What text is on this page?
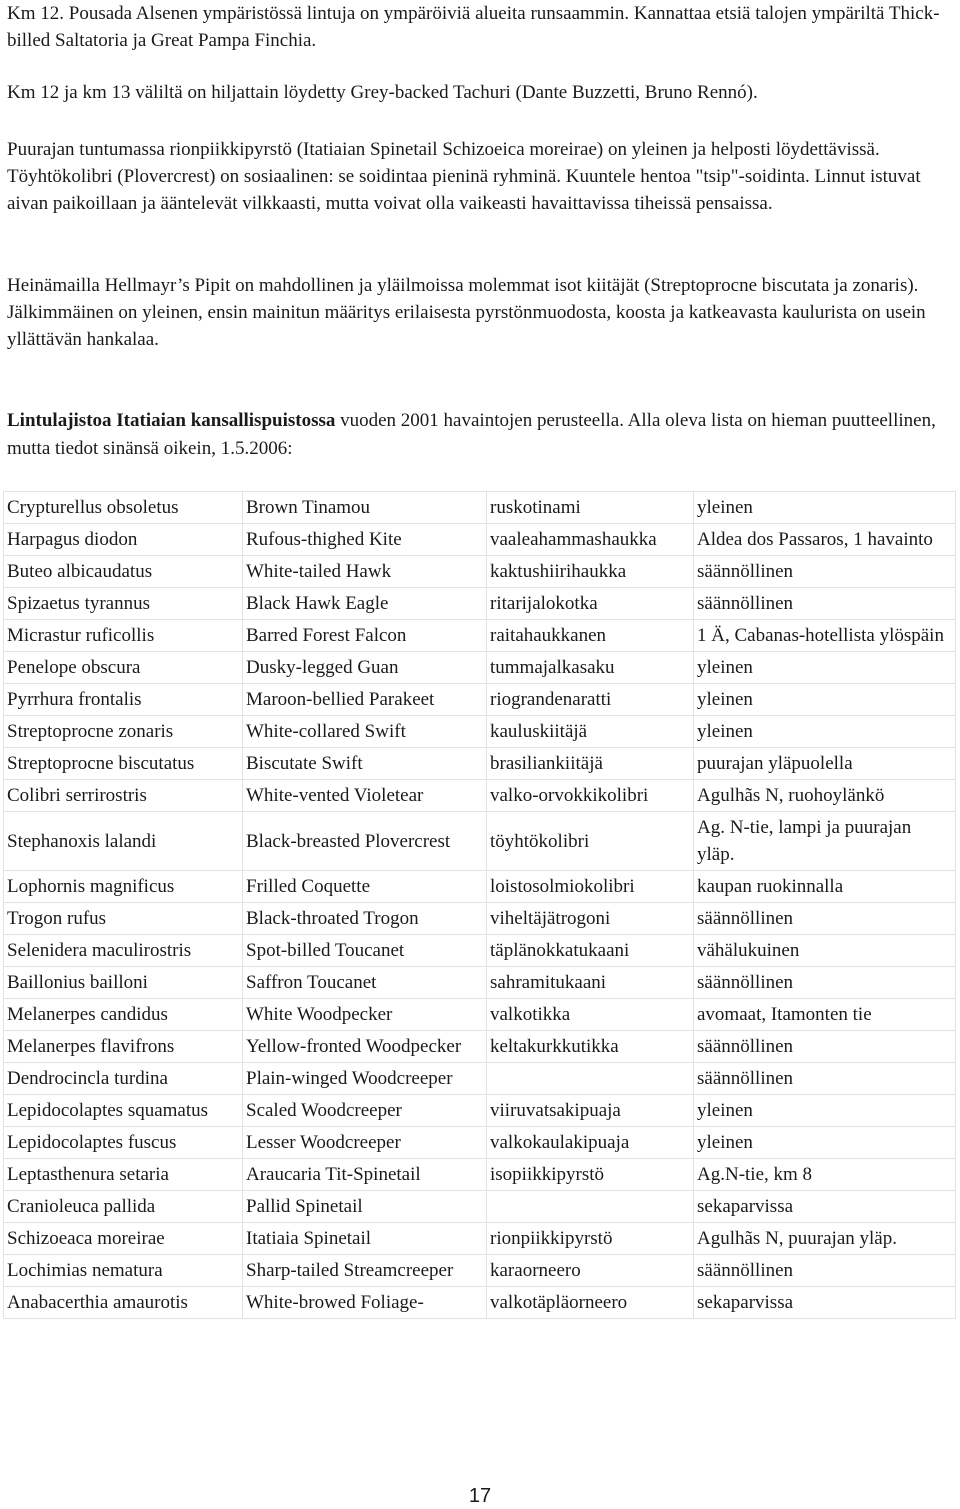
Km 12. Pousada Alsenen ympäristössä lintuja on ympäröiviä alueita runsaammin. Kannattaa etsiä talojen ympäriltä Thick-billed Saltatoria ja Great Pampa Finchia.

Km 12 ja km 13 väliltä on hiljattain löydetty Grey-backed Tachuri (Dante Buzzetti, Bruno Rennó).

Puurajan tuntumassa rionpiikkipyrstö (Itatiaian Spinetail Schizoeica moreirae) on yleinen ja helposti löydettävissä. Töyhtökolibri (Plovercrest) on sosiaalinen: se soidintaa pieninä ryhminä. Kuuntele hentoa "tsip"-soidinta. Linnut istuvat aivan paikoillaan ja ääntelevät vilkkaasti, mutta voivat olla vaikeasti havaittavissa tiheissä pensaissa.

Heinämailla Hellmayr’s Pipit on mahdollinen ja yläilmoissa molemmat isot kiitäjät (Streptoprocne biscutata ja zonaris). Jälkimmäinen on yleinen, ensin mainitun määritys erilaisesta pyrstönmuodosta, koosta ja katkeavasta kaulurista on usein yllättävän hankalaa.

Lintulajistoa Itatiaian kansallispuistossa vuoden 2001 havaintojen perusteella. Alla oleva lista on hieman puutteellinen, mutta tiedot sinänsä oikein, 1.5.2006:

Crypturellus obsoletus	Brown Tinamou	ruskotinami	yleinen
Harpagus diodon	Rufous-thighed Kite	vaaleahammashaukka	Aldea dos Passaros, 1 havainto
Buteo albicaudatus	White-tailed Hawk	kaktushiirihaukka	säännöllinen
Spizaetus tyrannus	Black Hawk Eagle	ritarijalokotka	säännöllinen
Micrastur ruficollis	Barred Forest Falcon	raitahaukkanen	1 Ä, Cabanas-hotellista ylöspäin
Penelope obscura	Dusky-legged Guan	tummajalkasaku	yleinen
Pyrrhura frontalis	Maroon-bellied Parakeet	riograndenaratti	yleinen
Streptoprocne zonaris	White-collared Swift	kauluskiitäjä	yleinen
Streptoprocne biscutatus	Biscutate Swift	brasiliankiitäjä	puurajan yläpuolella
Colibri serrirostris	White-vented Violetear	valko-orvokkikolibri	Agulhãs N, ruohoylänkö
Stephanoxis lalandi	Black-breasted Plovercrest	töyhtökolibri	Ag. N-tie, lampi ja puurajan yläp.
Lophornis magnificus	Frilled Coquette	loistosolmiokolibri	kaupan ruokinnalla
Trogon rufus	Black-throated Trogon	viheltäjätrogoni	säännöllinen
Selenidera maculirostris	Spot-billed Toucanet	täplänokkatukaani	vähälukuinen
Baillonius bailloni	Saffron Toucanet	sahramitukaani	säännöllinen
Melanerpes candidus	White Woodpecker	valkotikka	avomaat, Itamonten tie
Melanerpes flavifrons	Yellow-fronted Woodpecker	keltakurkkutikka	säännöllinen
Dendrocincla turdina	Plain-winged Woodcreeper		säännöllinen
Lepidocolaptes squamatus	Scaled Woodcreeper	viiruvatsakipuaja	yleinen
Lepidocolaptes fuscus	Lesser Woodcreeper	valkokaulakipuaja	yleinen
Leptasthenura setaria	Araucaria Tit-Spinetail	isopiikkipyrstö	Ag.N-tie, km 8
Cranioleuca pallida	Pallid Spinetail		sekaparvissa
Schizoeaca moreirae	Itatiaia Spinetail	rionpiikkipyrstö	Agulhãs N, puurajan yläp.
Lochimias nematura	Sharp-tailed Streamcreeper	karaorneero	säännöllinen
Anabacerthia amaurotis	White-browed Foliage-	valkotäpläorneero	sekaparvissa
17
